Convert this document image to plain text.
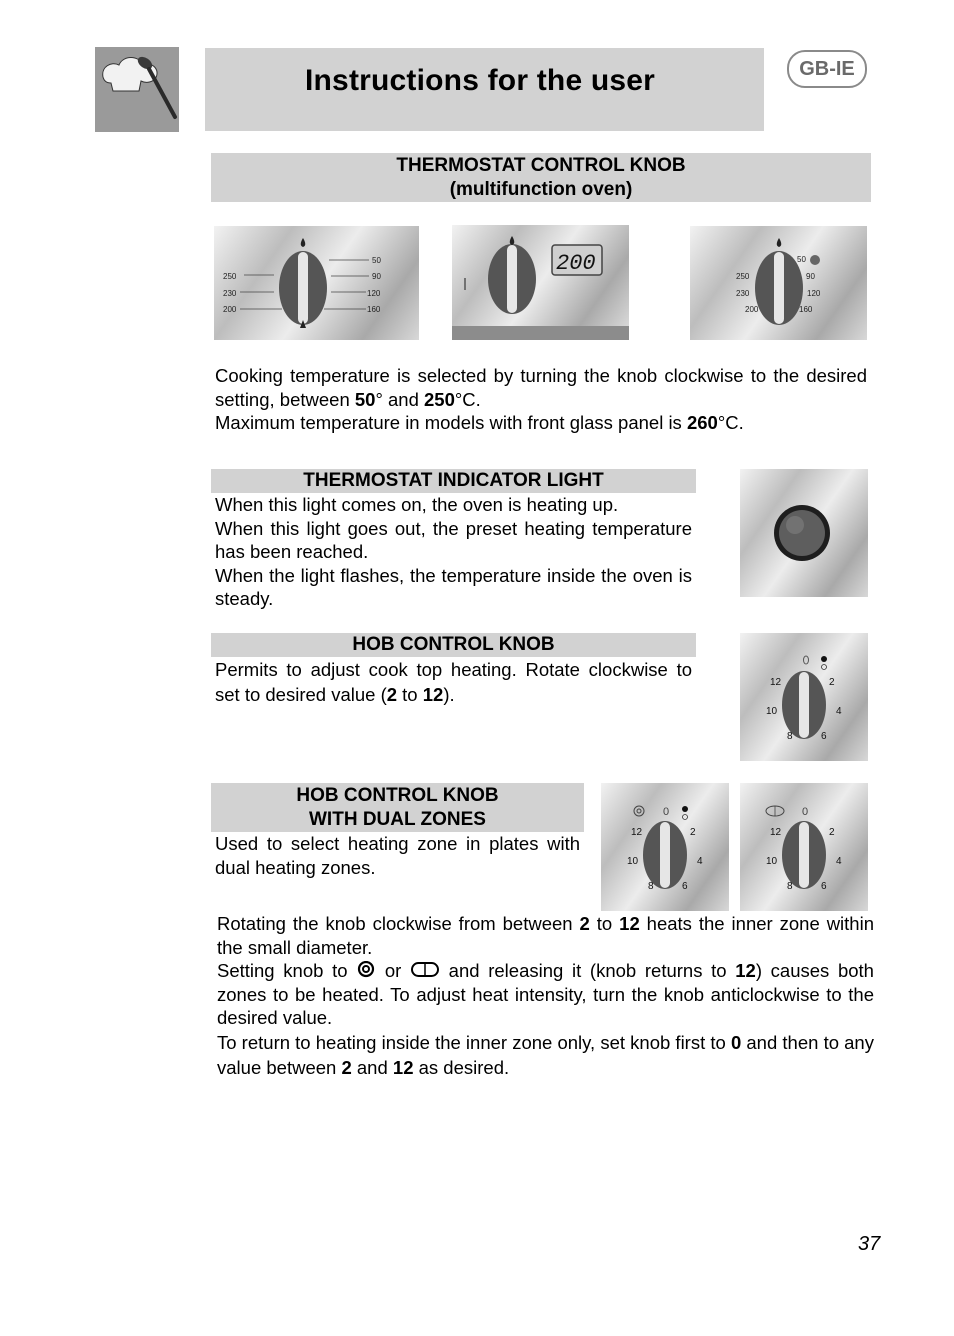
Instructions for the user	GB-IE
THERMOSTAT CONTROL KNOB
(multifunction oven)
250
230
200
50
90
120
160
200
250
230
200
50
90
120
160

Cooking temperature is selected by turning the knob clockwise to the desired setting, between 50° and 250°C.

Maximum temperature in models with front glass panel is 260°C.

THERMOSTAT INDICATOR LIGHT

When this light comes on, the oven is heating up.

When this light goes out, the preset heating temperature has been reached.

When the light flashes, the temperature inside the oven is steady.

HOB CONTROL KNOB

Permits to adjust cook top heating. Rotate clockwise to set to desired value (2 to 12).

12	2
10	4
8	6
HOB CONTROL KNOB
WITH DUAL ZONES

Used to select heating zone in plates with dual heating zones.

0
12	2
10	4
8	6
0
12	2
10	4
8	6

Rotating the knob clockwise from between 2 to 12 heats the inner zone within the small diameter.

Setting knob to  or  and releasing it (knob returns to 12) causes both zones to be heated. To adjust heat intensity, turn the knob anticlockwise to the desired value.

To return to heating inside the inner zone only, set knob first to 0 and then to any value between 2 and 12 as desired.

37
